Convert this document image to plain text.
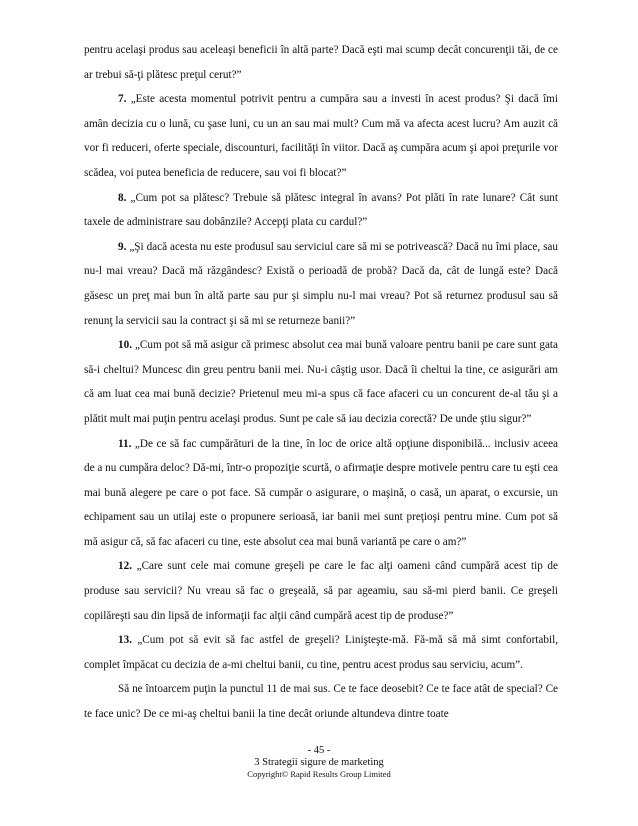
pentru acelaşi produs sau aceleaşi beneficii în altă parte? Dacă eşti mai scump decât concurenţii tăi, de ce ar trebui să-ţi plătesc preţul cerut?”

7. „Este acesta momentul potrivit pentru a cumpăra sau a investi în acest produs? Şi dacă îmi amân decizia cu o lună, cu şase luni, cu un an sau mai mult? Cum mă va afecta acest lucru? Am auzit că vor fi reduceri, oferte speciale, discounturi, facilităţi în viitor. Dacă aş cumpăra acum şi apoi preţurile vor scădea, voi putea beneficia de reducere, sau voi fi blocat?”

8. „Cum pot sa plătesc? Trebuie să plătesc integral în avans? Pot plăti în rate lunare? Cât sunt taxele de administrare sau dobânzile? Accepţi plata cu cardul?”

9. „Şi dacă acesta nu este produsul sau serviciul care să mi se potrivească? Dacă nu îmi place, sau nu-l mai vreau? Dacă mă răzgândesc? Există o perioadă de probă? Dacă da, cât de lungă este? Dacă găsesc un preţ mai bun în altă parte sau pur şi simplu nu-l mai vreau? Pot să returnez produsul sau să renunţ la servicii sau la contract şi să mi se returneze banii?”

10. „Cum pot să mă asigur că primesc absolut cea mai bună valoare pentru banii pe care sunt gata să-i cheltui? Muncesc din greu pentru banii mei. Nu-i câştig usor. Dacă îi cheltui la tine, ce asigurări am că am luat cea mai bună decizie? Prietenul meu mi-a spus că face afaceri cu un concurent de-al tău şi a plătit mult mai puţin pentru acelaşi produs. Sunt pe cale să iau decizia corectă? De unde ştiu sigur?”

11. „De ce să fac cumpărături de la tine, în loc de orice altă opţiune disponibilă... inclusiv aceea de a nu cumpăra deloc? Dă-mi, într-o propoziţie scurtă, o afirmaţie despre motivele pentru care tu eşti cea mai bună alegere pe care o pot face. Să cumpăr o asigurare, o maşină, o casă, un aparat, o excursie, un echipament sau un utilaj este o propunere serioasă, iar banii mei sunt preţioşi pentru mine. Cum pot să mă asigur că, să fac afaceri cu tine, este absolut cea mai bună variantă pe care o am?”

12. „Care sunt cele mai comune greşeli pe care le fac alţi oameni când cumpără acest tip de produse sau servicii? Nu vreau să fac o greşeală, să par ageamiu, sau să-mi pierd banii. Ce greşeli copilăreşti sau din lipsă de informaţii fac alţii când cumpără acest tip de produse?”

13. „Cum pot să evit să fac astfel de greşeli? Linişteşte-mă. Fă-mă să mă simt confortabil, complet împăcat cu decizia de a-mi cheltui banii, cu tine, pentru acest produs sau serviciu, acum”.

Să ne întoarcem puţin la punctul 11 de mai sus. Ce te face deosebit? Ce te face atât de special? Ce te face unic? De ce mi-aş cheltui banii la tine decât oriunde altundeva dintre toate

- 45 -
3 Strategii sigure de marketing
Copyright© Rapid Results Group Limited
